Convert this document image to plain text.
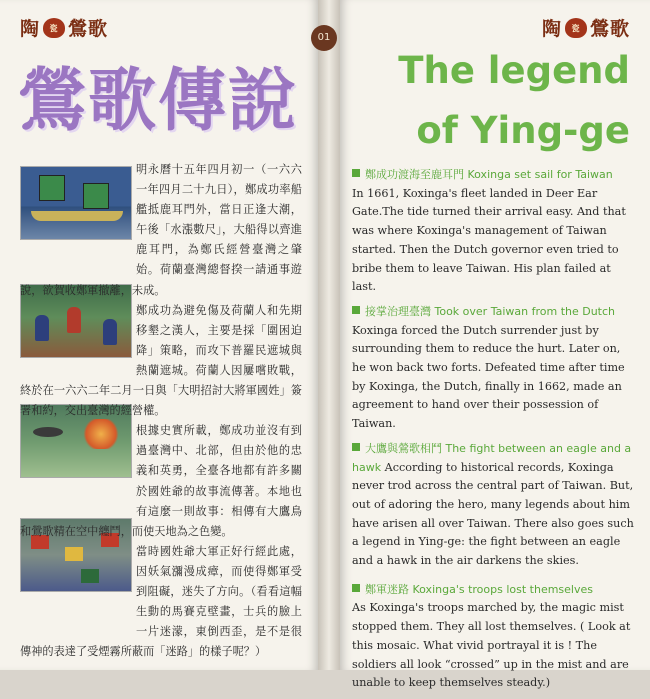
陶	瓷 鶯歌
鶯歌傳說
明永曆十五年四月初一（一六六一年四月二十九日），鄭成功率船艦抵鹿耳門外，當日正逢大潮，午後「水漲數尺」，大船得以齊進鹿耳門，為鄭氏經營臺灣之肇始。荷蘭臺灣總督揆一請通事遊說，欲賀收鄭軍撤離，未成。
鄭成功為避免傷及荷蘭人和先期移墾之漢人，主要是採「圍困迫降」策略，而攻下普羅民遮城與熱蘭遮城。荷蘭人因屢嚐敗戰，終於在一六六二年二月一日與「大明招討大將軍國姓」簽署和約，交出臺灣的經營權。
根據史實所載，鄭成功並沒有到過臺灣中、北部，但由於他的忠義和英勇，全臺各地都有許多關於國姓爺的故事流傳著。本地也有這麼一則故事：相傳有大鷹鳥和鶯歌精在空中纏鬥，而使天地為之色變。
當時國姓爺大軍正好行經此處，因妖氣瀰漫成瘴，而使得鄭軍受到阻礙，迷失了方向。（看看這幅生動的馬賽克壁畫，士兵的臉上一片迷濛，東倒西歪，是不是很傳神的表達了受煙霧所蔽而「迷路」的樣子呢？）
01	陶	瓷 鶯歌
The legend
of Ying-ge
鄭成功渡海至鹿耳門 Koxinga set sail for Taiwan
In 1661, Koxinga's fleet landed in Deer Ear Gate.The tide turned their arrival easy. And that was where Koxinga's management of Taiwan started. Then the Dutch governor even tried to bribe them to leave Taiwan. His plan failed at last.
接掌治理臺灣 Took over Taiwan from the Dutch
Koxinga forced the Dutch surrender just by surrounding them to reduce the hurt. Later on, he won back two forts. Defeated time after time by Koxinga, the Dutch, finally in 1662, made an agreement to hand over their possession of Taiwan.
大鷹與鶯歌相鬥 The fight between an eagle and a hawk According to historical records, Koxinga never trod across the central part of Taiwan. But, out of adoring the hero, many legends about him have arisen all over Taiwan. There also goes such a legend in Ying-ge: the fight between an eagle and a hawk in the air darkens the skies.
鄭軍迷路 Koxinga's troops lost themselves
As Koxinga's troops marched by, the magic mist stopped them. They all lost themselves. ( Look at this mosaic. What vivid portrayal it is ! The soldiers all look “crossed” up in the mist and are unable to keep themselves steady.)
